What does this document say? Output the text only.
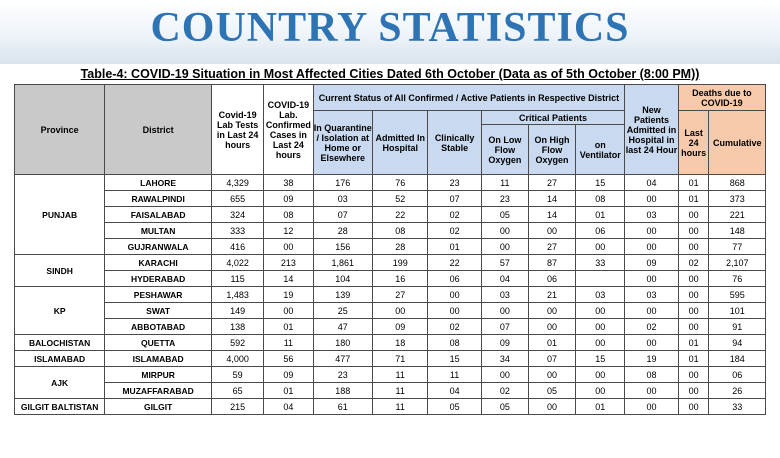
COUNTRY STATISTICS
Table-4: COVID-19 Situation in Most Affected Cities Dated 6th October (Data as of 5th October (8:00 PM))
Province	District	Covid-19 Lab Tests in Last 24 hours	COVID-19 Lab. Confirmed Cases in Last 24 hours	Current Status of All Confirmed / Active Patients in Respective District						New Patients Admitted in Hospital in last 24 Hour	Deaths due to COVID-19	
				In Quarantine / Isolation at Home or Elsewhere	Admitted In Hospital	Clinically Stable	Critical Patients				Last 24 hours	Cumulative
							On Low Flow Oxygen	On High Flow Oxygen	on Ventilator			
PUNJAB	LAHORE	4,329	38	176	76	23	11	27	15	04	01	868
	RAWALPINDI	655	09	03	52	07	23	14	08	00	01	373
	FAISALABAD	324	08	07	22	02	05	14	01	03	00	221
	MULTAN	333	12	28	08	02	00	00	06	00	00	148
	GUJRANWALA	416	00	156	28	01	00	27	00	00	00	77
SINDH	KARACHI	4,022	213	1,861	199	22	57	87	33	09	02	2,107
	HYDERABAD	115	14	104	16	06	04	06		00	00	76
KP	PESHAWAR	1,483	19	139	27	00	03	21	03	03	00	595
	SWAT	149	00	25	00	00	00	00	00	00	00	101
	ABBOTABAD	138	01	47	09	02	07	00	00	02	00	91
BALOCHISTAN	QUETTA	592	11	180	18	08	09	01	00	00	01	94
ISLAMABAD	ISLAMABAD	4,000	56	477	71	15	34	07	15	19	01	184
AJK	MIRPUR	59	09	23	11	11	00	00	00	08	00	06
	MUZAFFARABAD	65	01	188	11	04	02	05	00	00	00	26
GILGIT BALTISTAN	GILGIT	215	04	61	11	05	05	00	01	00	00	33
